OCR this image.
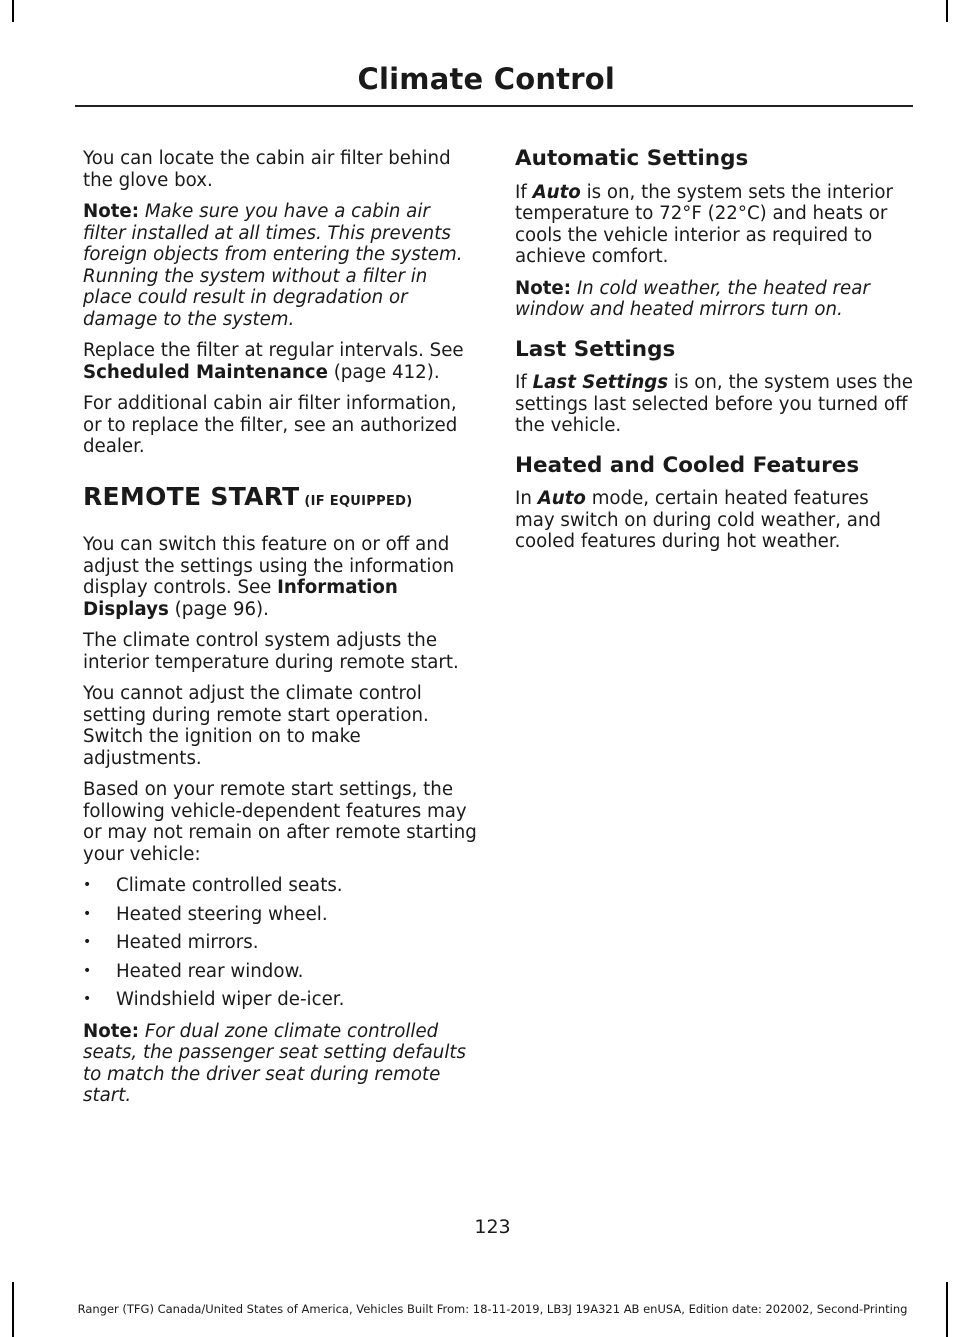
Climate Control

You can locate the cabin air filter behind the glove box.

Note: Make sure you have a cabin air filter installed at all times. This prevents foreign objects from entering the system. Running the system without a filter in place could result in degradation or damage to the system.

Replace the filter at regular intervals. See Scheduled Maintenance (page 412).

For additional cabin air filter information, or to replace the filter, see an authorized dealer.

REMOTE START (IF EQUIPPED)

You can switch this feature on or off and adjust the settings using the information display controls. See Information Displays (page 96).

The climate control system adjusts the interior temperature during remote start.

You cannot adjust the climate control setting during remote start operation. Switch the ignition on to make adjustments.

Based on your remote start settings, the following vehicle-dependent features may or may not remain on after remote starting your vehicle:

• Climate controlled seats.
• Heated steering wheel.
• Heated mirrors.
• Heated rear window.
• Windshield wiper de-icer.

Note: For dual zone climate controlled seats, the passenger seat setting defaults to match the driver seat during remote start.

Automatic Settings

If Auto is on, the system sets the interior temperature to 72°F (22°C) and heats or cools the vehicle interior as required to achieve comfort.

Note: In cold weather, the heated rear window and heated mirrors turn on.

Last Settings

If Last Settings is on, the system uses the settings last selected before you turned off the vehicle.

Heated and Cooled Features

In Auto mode, certain heated features may switch on during cold weather, and cooled features during hot weather.

123
Ranger (TFG) Canada/United States of America, Vehicles Built From: 18-11-2019, LB3J 19A321 AB enUSA, Edition date: 202002, Second-Printing
